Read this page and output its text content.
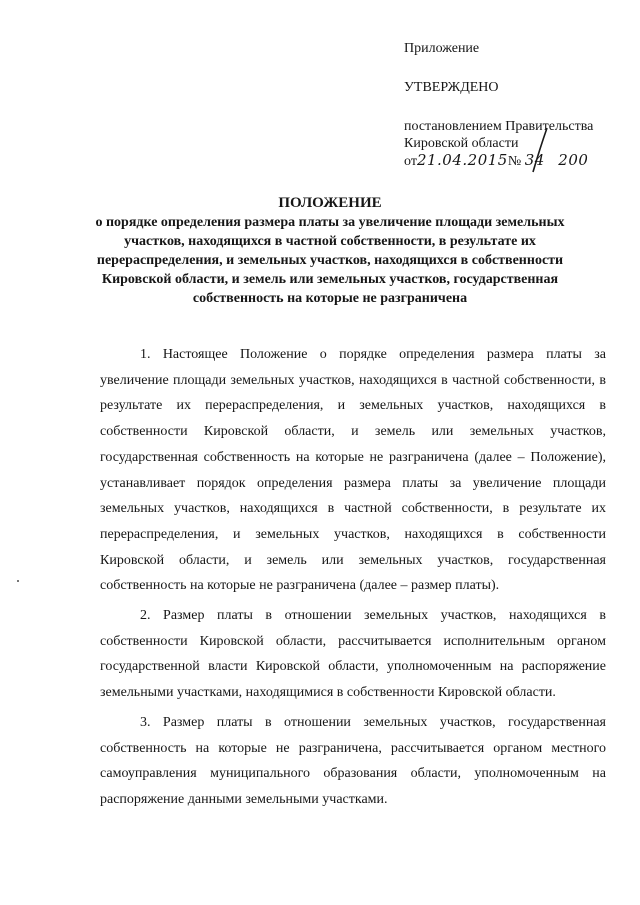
Приложение

УТВЕРЖДЕНО

постановлением Правительства
Кировской области
от21.04.2015№ 34 200

ПОЛОЖЕНИЕ

о порядке определения размера платы за увеличение площади земельных участков, находящихся в частной собственности, в результате их перераспределения, и земельных участков, находящихся в собственности Кировской области, и земель или земельных участков, государственная собственность на которые не разграничена

1. Настоящее Положение о порядке определения размера платы за увеличение площади земельных участков, находящихся в частной собственности, в результате их перераспределения, и земельных участков, находящихся в собственности Кировской области, и земель или земельных участков, государственная собственность на которые не разграничена (далее – Положение), устанавливает порядок определения размера платы за увеличение площади земельных участков, находящихся в частной собственности, в результате их перераспределения, и земельных участков, находящихся в собственности Кировской области, и земель или земельных участков, государственная собственность на которые не разграничена (далее – размер платы).

2. Размер платы в отношении земельных участков, находящихся в собственности Кировской области, рассчитывается исполнительным органом государственной власти Кировской области, уполномоченным на распоряжение земельными участками, находящимися в собственности Кировской области.

3. Размер платы в отношении земельных участков, государственная собственность на которые не разграничена, рассчитывается органом местного самоуправления муниципального образования области, уполномоченным на распоряжение данными земельными участками.
